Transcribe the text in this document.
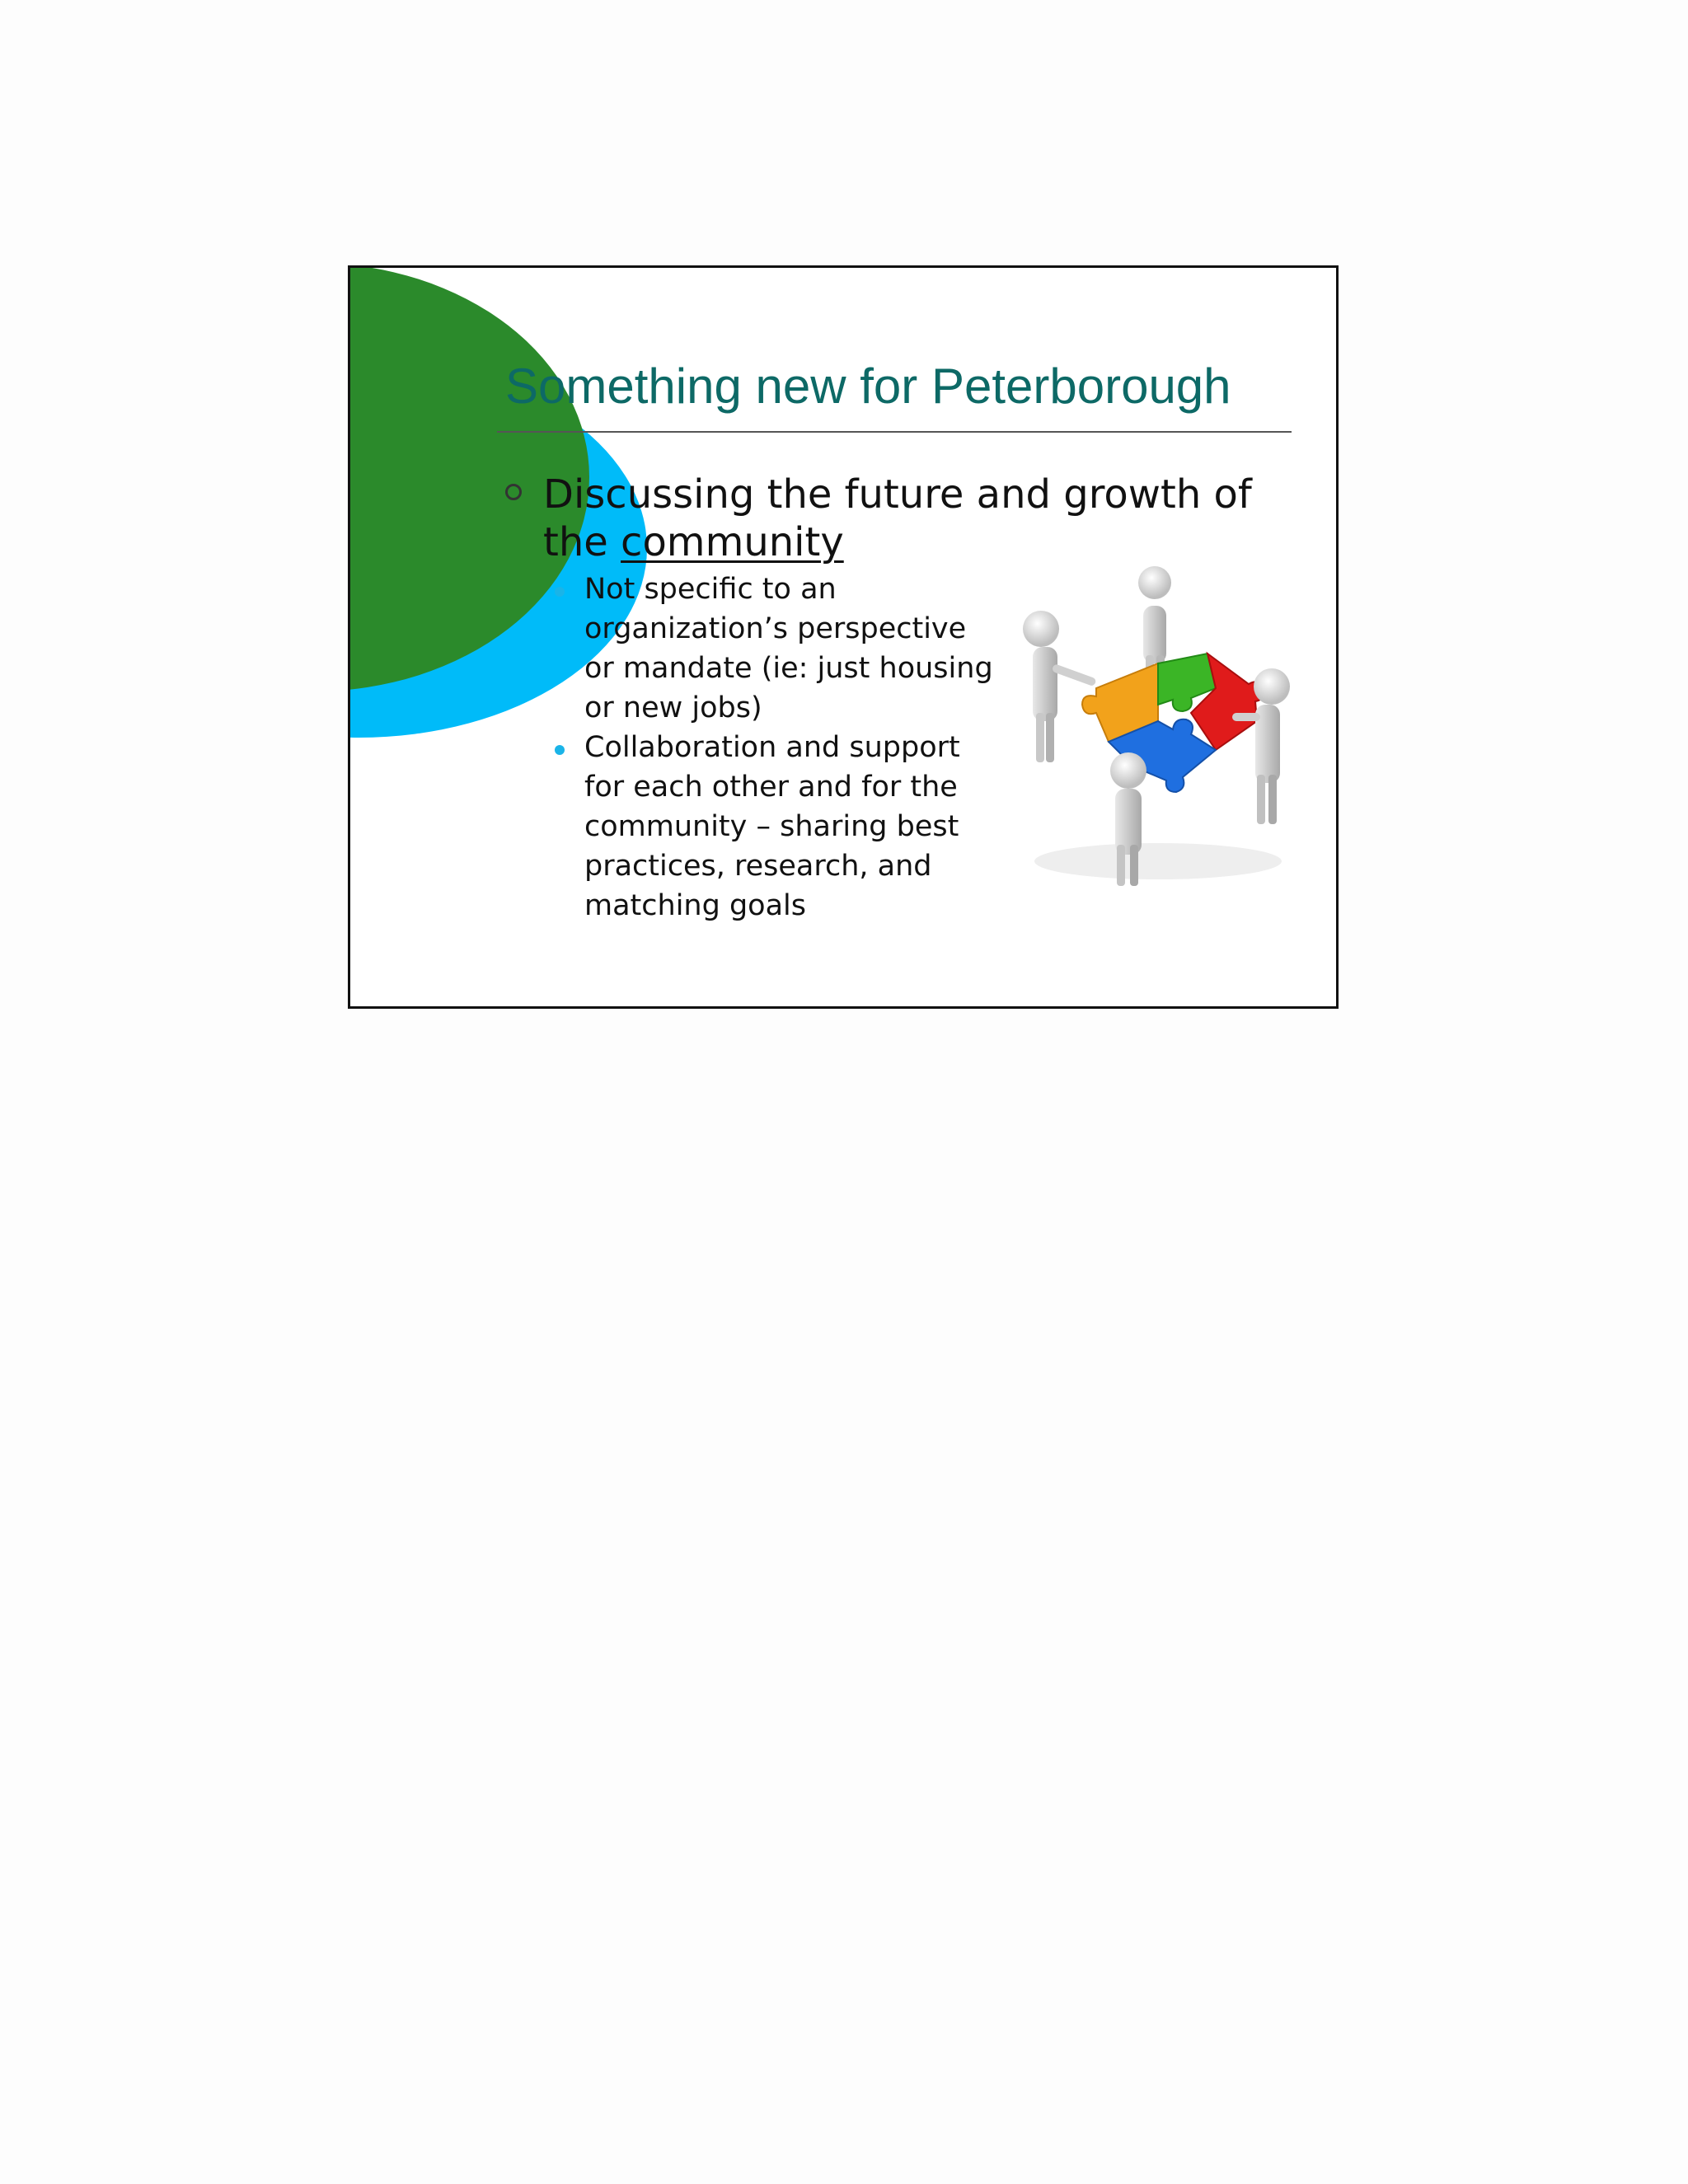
Something new for Peterborough

Discussing the future and growth of the community

Not specific to an organization’s perspective or mandate (ie: just housing or new jobs)

Collaboration and support for each other and for the community – sharing best practices, research, and matching goals
